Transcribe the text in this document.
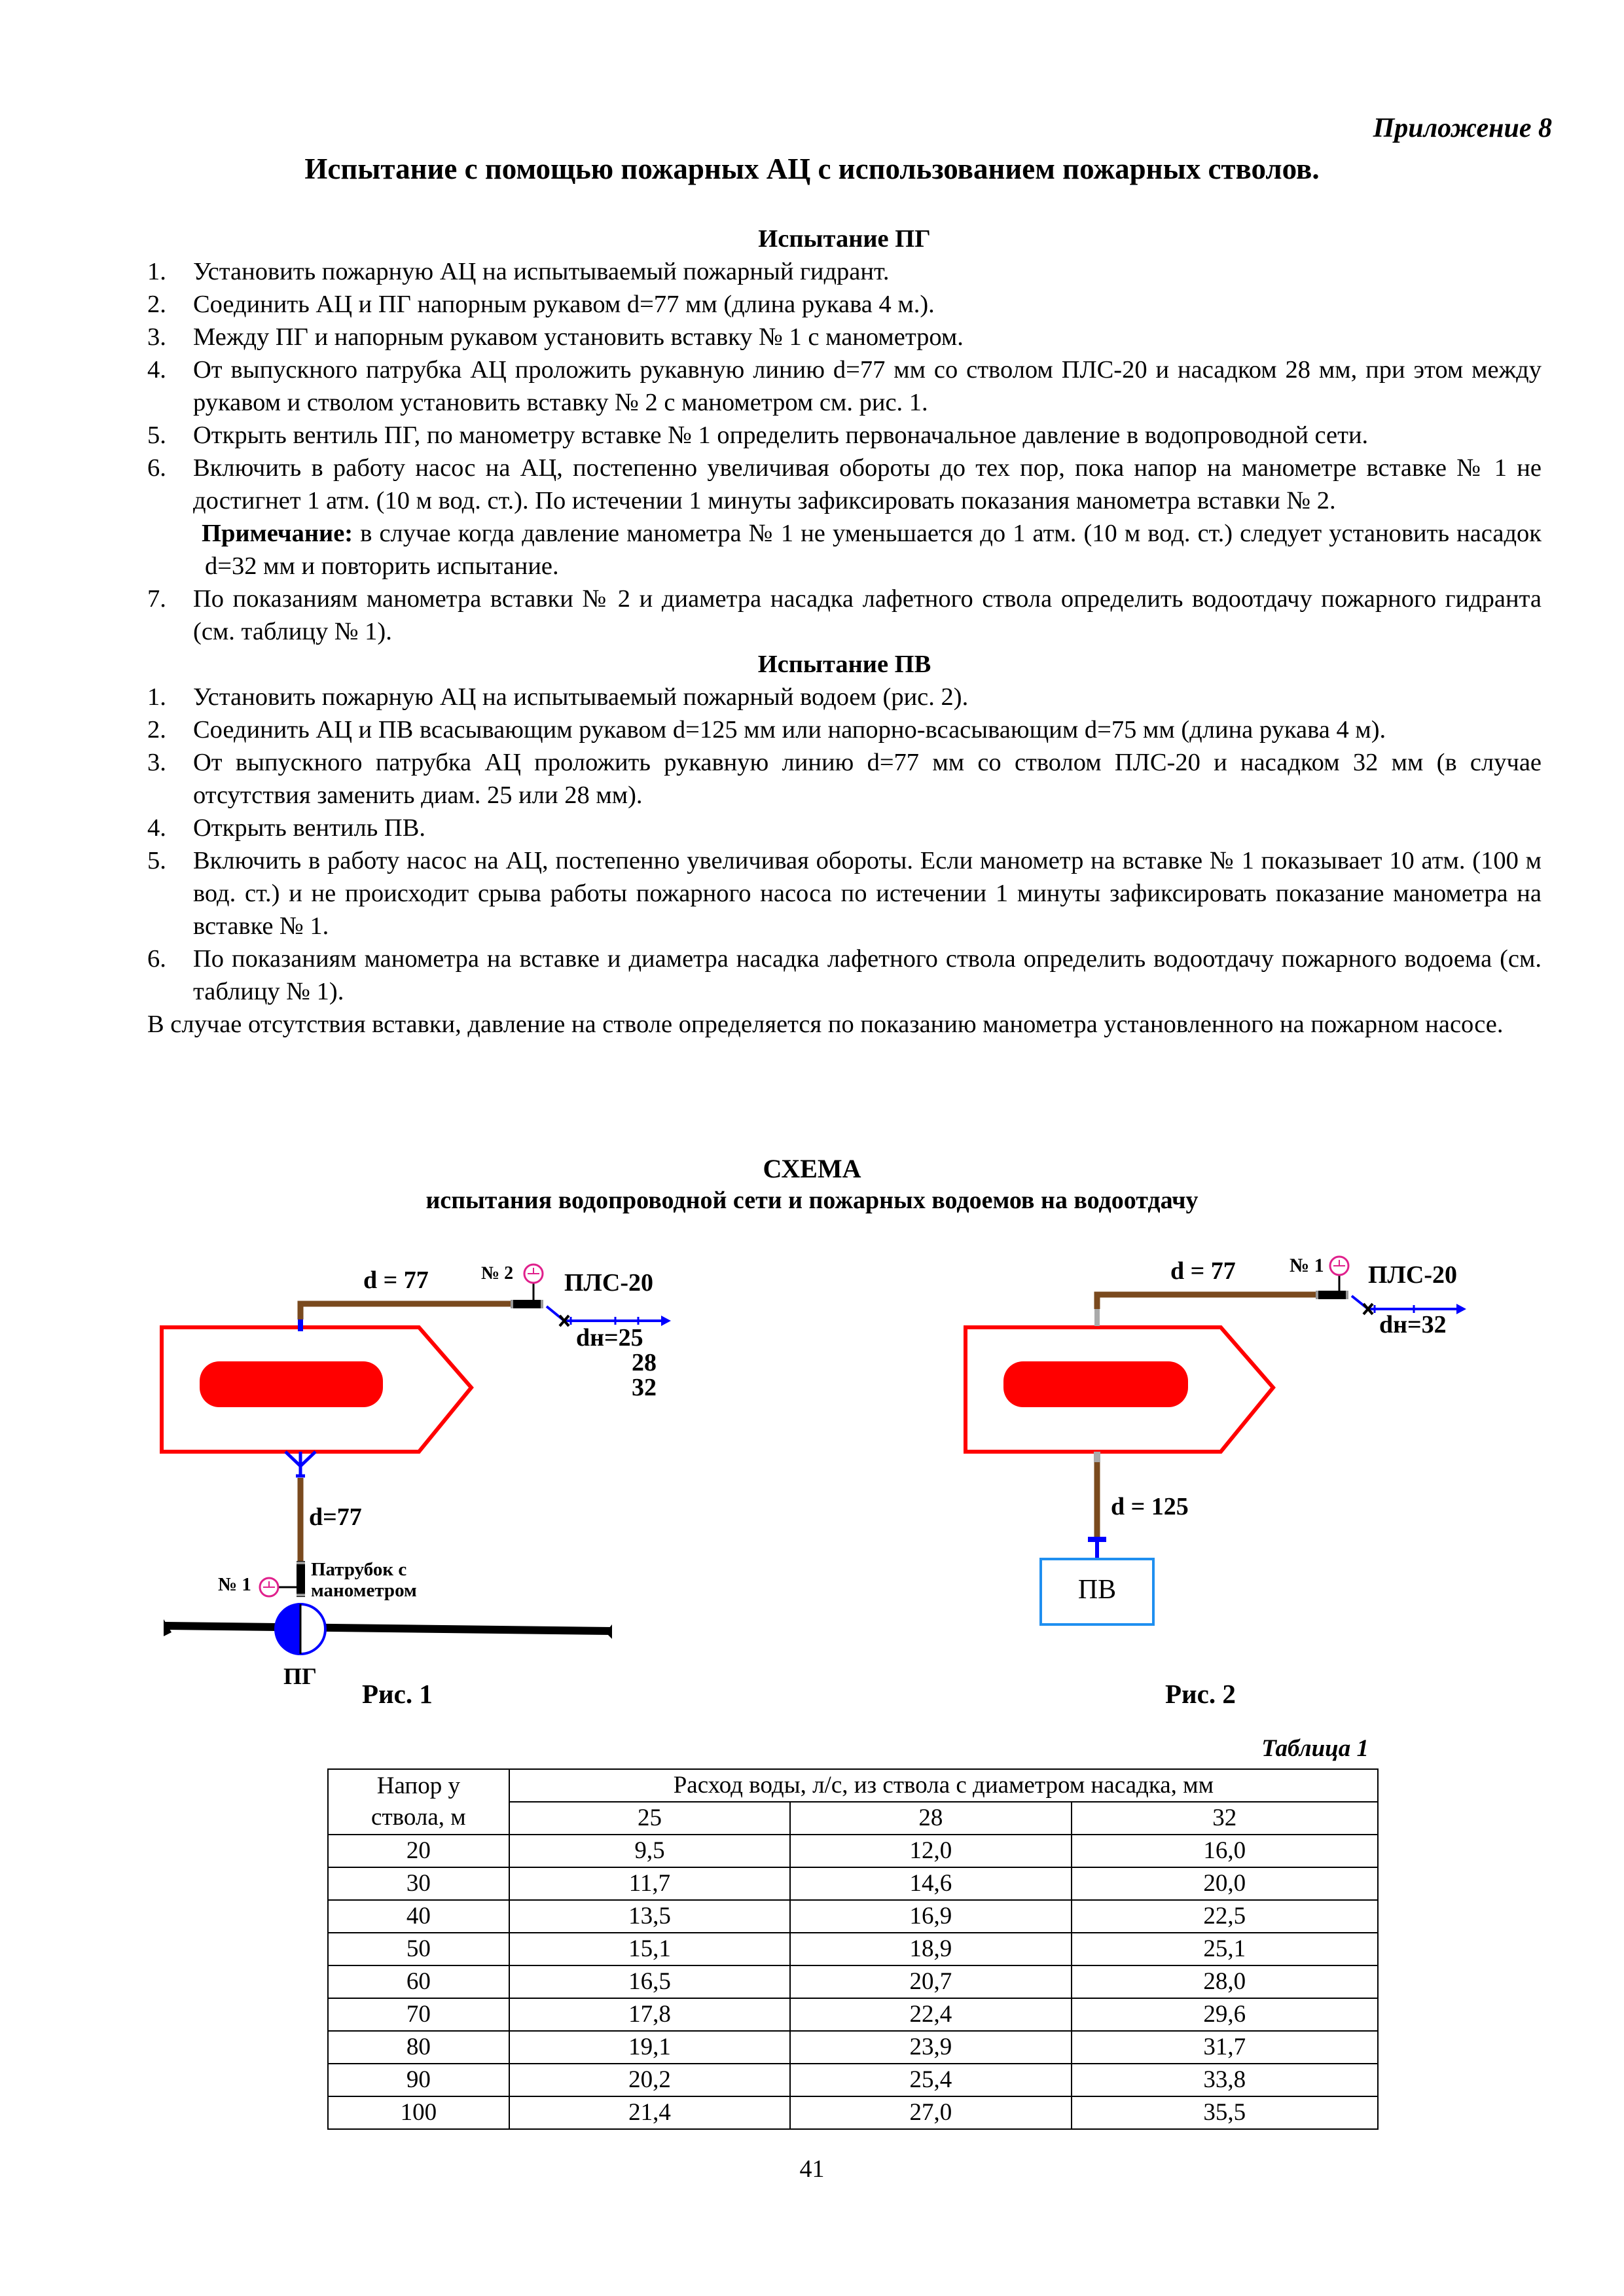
Приложение 8
Испытание с помощью пожарных АЦ с использованием пожарных стволов.
Испытание ПГ
1. Установить пожарную АЦ на испытываемый пожарный гидрант.
2. Соединить АЦ и ПГ напорным рукавом d=77 мм (длина рукава 4 м.).
3. Между ПГ и напорным рукавом установить вставку № 1 с манометром.
4. От выпускного патрубка АЦ проложить рукавную линию d=77 мм со стволом ПЛС-20 и насадком 28 мм, при этом между рукавом и стволом установить вставку № 2 с манометром см. рис. 1.
5. Открыть вентиль ПГ, по манометру вставке № 1 определить первоначальное давление в водопроводной сети.
6. Включить в работу насос на АЦ, постепенно увеличивая обороты до тех пор, пока напор на манометре вставке № 1 не достигнет 1 атм. (10 м вод. ст.). По истечении 1 минуты зафиксировать показания манометра вставки № 2.
Примечание: в случае когда давление манометра № 1 не уменьшается до 1 атм. (10 м вод. ст.) следует установить насадок d=32 мм и повторить испытание.
7. По показаниям манометра вставки № 2 и диаметра насадка лафетного ствола определить водоотдачу пожарного гидранта (см. таблицу № 1).
Испытание ПВ
1. Установить пожарную АЦ на испытываемый пожарный водоем (рис. 2).
2. Соединить АЦ и ПВ всасывающим рукавом d=125 мм или напорно-всасывающим d=75 мм (длина рукава 4 м).
3. От выпускного патрубка АЦ проложить рукавную линию d=77 мм со стволом ПЛС-20 и насадком 32 мм (в случае отсутствия заменить диам. 25 или 28 мм).
4. Открыть вентиль ПВ.
5. Включить в работу насос на АЦ, постепенно увеличивая обороты. Если манометр на вставке № 1 показывает 10 атм. (100 м вод. ст.) и не происходит срыва работы пожарного насоса по истечении 1 минуты зафиксировать показание манометра на вставке № 1.
6. По показаниям манометра на вставке и диаметра насадка лафетного ствола определить водоотдачу пожарного водоема (см. таблицу № 1).
В случае отсутствия вставки, давление на стволе определяется по показанию манометра установленного на пожарном насосе.
СХЕМА
испытания водопроводной сети и пожарных водоемов на водоотдачу
d = 77	№ 2 ПЛС-20
dн=25
28
32
d=77
№ 1
Патрубок с
манометром
ПГ
Рис. 1
d = 77	№ 1 ПЛС-20
dн=32
d = 125
ПВ
Рис. 2
Таблица 1
Напор у
ствола, м	Расход воды, л/с, из ствола с диаметром насадка, мм		
	25	28	32
20	9,5	12,0	16,0
30	11,7	14,6	20,0
40	13,5	16,9	22,5
50	15,1	18,9	25,1
60	16,5	20,7	28,0
70	17,8	22,4	29,6
80	19,1	23,9	31,7
90	20,2	25,4	33,8
100	21,4	27,0	35,5
41
